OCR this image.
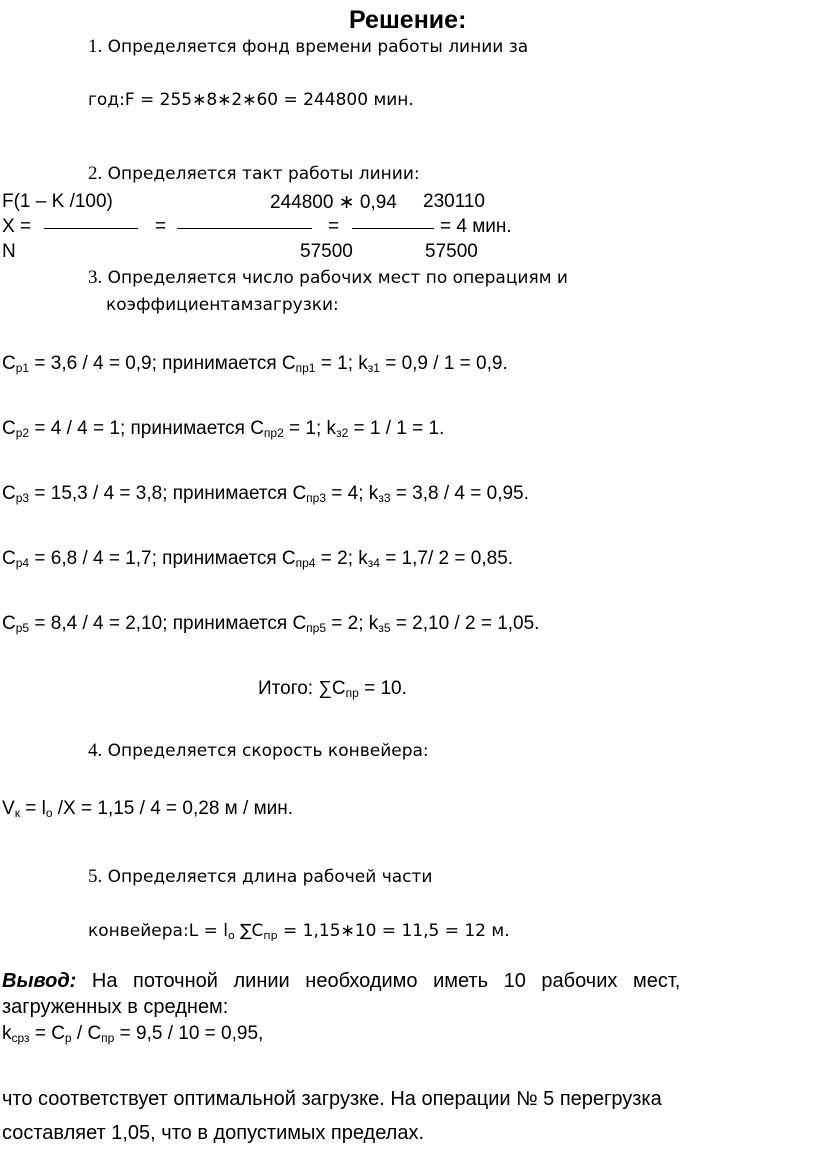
Решение:
1. Определяется фонд времени работы линии за
год:F = 255∗8∗2∗60 = 244800 мин.
2. Определяется такт работы линии:
F(1 – K /100)	244800 ∗ 0,94 230110
X =	=	=	= 4 мин.
N	57500	57500
3. Определяется число рабочих мест по операциям и
коэффициентамзагрузки:
$C_{р1} = 3,6 / 4 = 0,9$; принимается $C_{пр1} = 1$; $k_{з1} = 0,9 / 1 = 0,9$.
$C_{р2} = 4 / 4 = 1$; принимается $C_{пр2} = 1$; $k_{з2} = 1 / 1 = 1$.
$C_{р3} = 15,3 / 4 = 3,8$; принимается $C_{пр3} = 4$; $k_{з3} = 3,8 / 4 = 0,95$.
$C_{р4} = 6,8 / 4 = 1,7$; принимается $C_{пр4} = 2$; $k_{з4} = 1,7/$ 2 = 0,85.
$C_{р5} = 8,4 / 4 = 2,10$; принимается $C_{пр5} = 2$; $k_{з5} = 2,10 / 2 = 1,05$.
Итого: $\sum C_{пр} = 10$.
4. Определяется скорость конвейера:
$V_к = l_о$ /X = 1,15 / 4 = 0,28 м / мин.
5. Определяется длина рабочей части
конвейера:L = $l_о$ $\sum C_{пр}$ = 1,15∗10 = 11,5 = 12 м.
Вывод: На поточной линии необходимо иметь 10 рабочих мест,
загруженных в среднем:
$k_{срз} = C_р / C_{пр} = 9,5 / 10 = 0,95$,
что соответствует оптимальной загрузке. На операции № 5 перегрузка
составляет 1,05, что в допустимых пределах.
